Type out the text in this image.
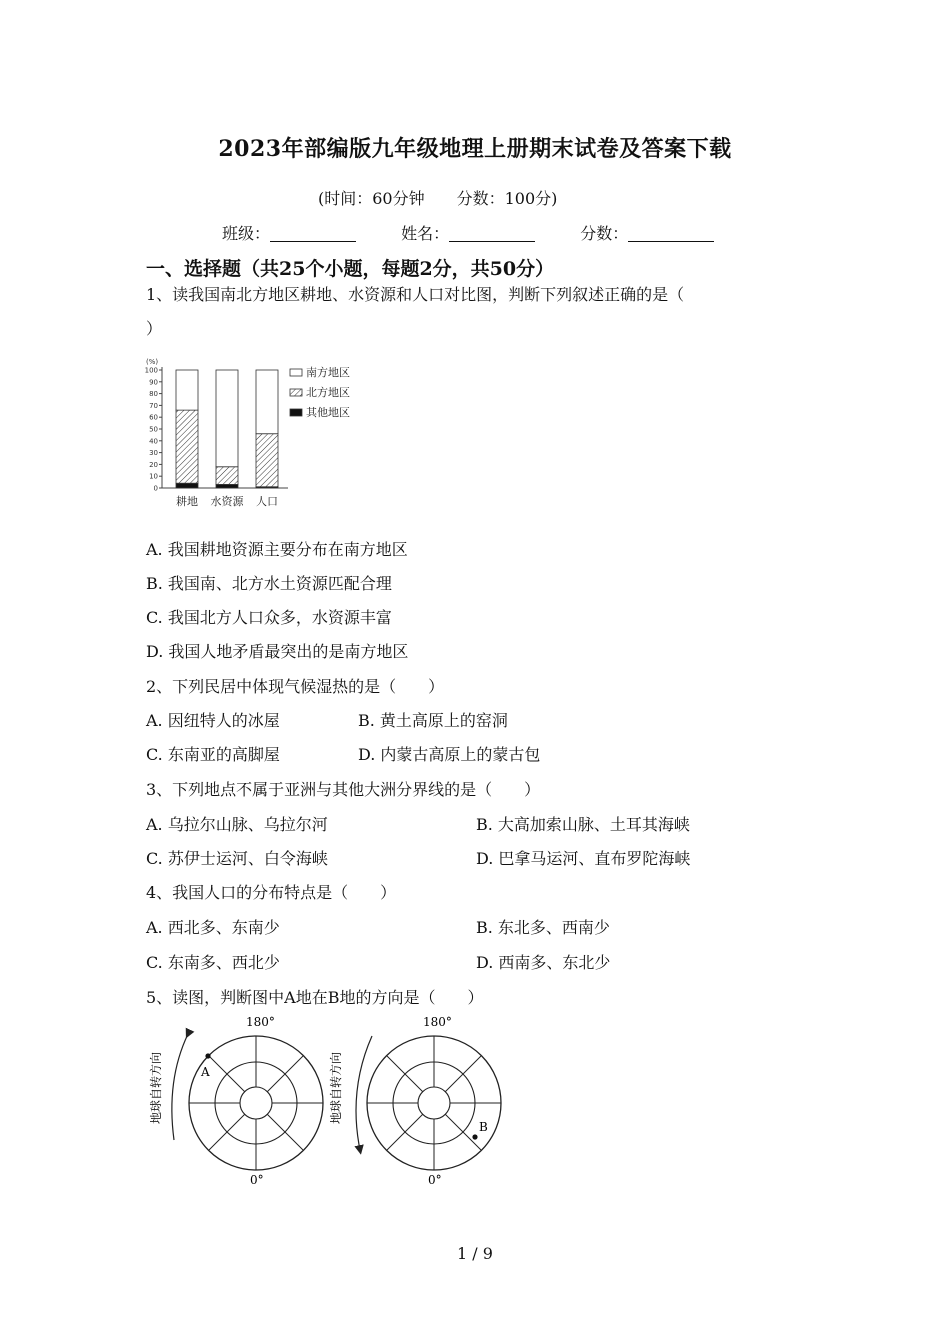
2023年部编版九年级地理上册期末试卷及答案下载
(时间：60分钟 分数：100分)
班级：	姓名：	分数：
一、选择题（共25个小题，每题2分，共50分）
1、读我国南北方地区耕地、水资源和人口对比图，判断下列叙述正确的是（
）
(%)
0
10
20
30
40
50
60
70
80
90
100
耕地 水资源 人口
南方地区
北方地区
其他地区
A. 我国耕地资源主要分布在南方地区
B. 我国南、北方水土资源匹配合理
C. 我国北方人口众多，水资源丰富
D. 我国人地矛盾最突出的是南方地区
2、下列民居中体现气候湿热的是（　　）
A. 因纽特人的冰屋	B. 黄土高原上的窑洞
C. 东南亚的高脚屋	D. 内蒙古高原上的蒙古包
3、下列地点不属于亚洲与其他大洲分界线的是（　　）
A. 乌拉尔山脉、乌拉尔河	B. 大高加索山脉、土耳其海峡
C. 苏伊士运河、白令海峡	D. 巴拿马运河、直布罗陀海峡
4、我国人口的分布特点是（　　）
A. 西北多、东南少	B. 东北多、西南少
C. 东南多、西北少	D. 西南多、东北少
5、读图，判断图中A地在B地的方向是（　　）
180°
0°
A
地球自转方向
180°
0°
B
地球自转方向
1 / 9
